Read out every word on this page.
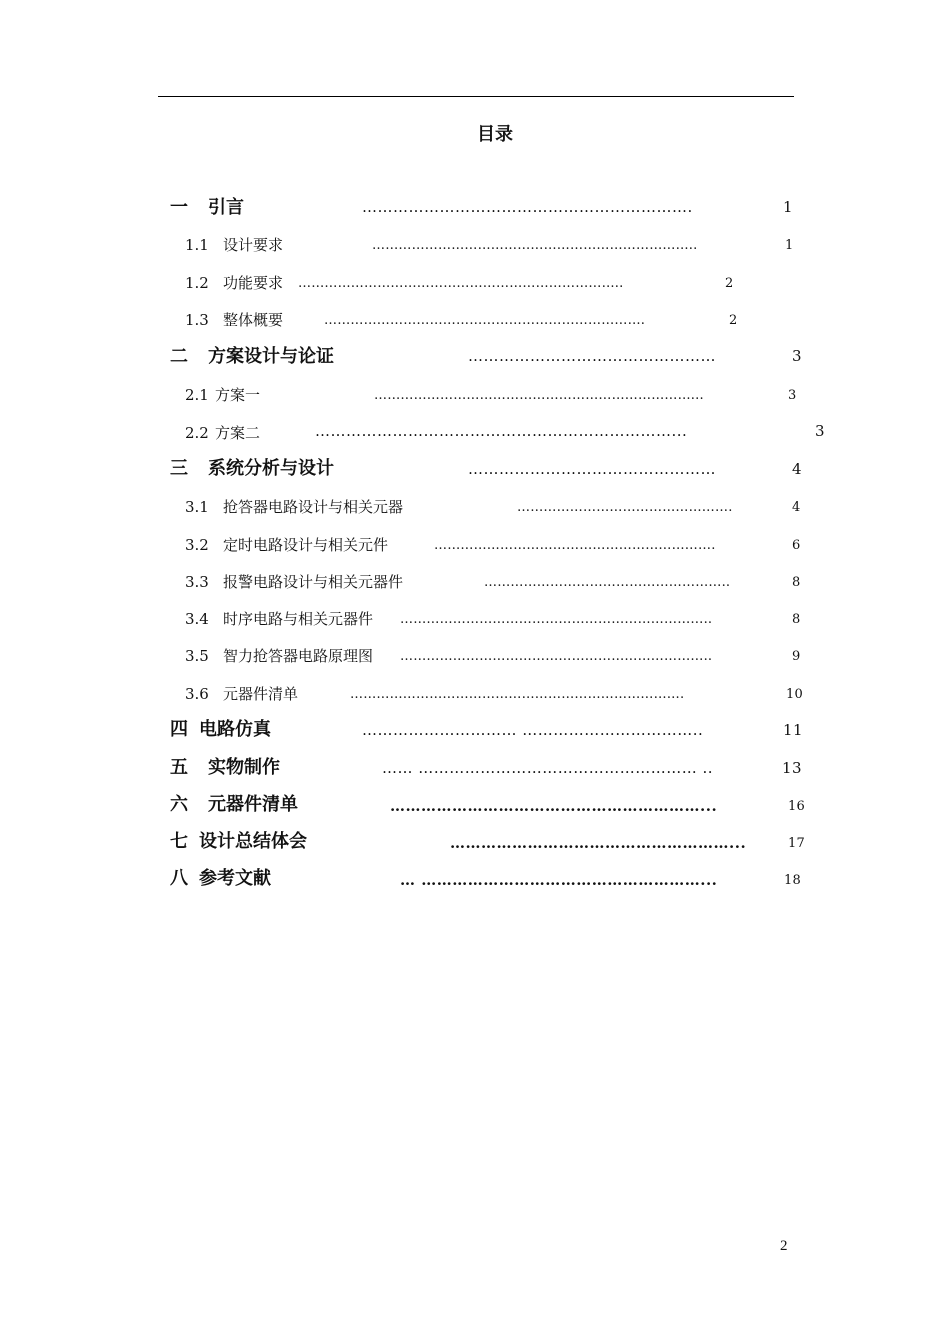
目录
一 引言	……………………………………………………….	1
1.1 设计要求	………………………………………………………………..	1
1.2 功能要求 ………………………………………………………………..	2
1.3 整体概要	……………………………………………………………….	2
二 方案设计与论证	…………………………………………	3
2.1 方案一	………………………………………………………………...	3
2.2 方案二	……………………………………………………………...	3
三 系统分析与设计	…………………………………………	4
3.1 抢答器电路设计与相关元器	………………………………………….	4
3.2 定时电路设计与相关元件	……………………………………………………….	6
3.3 报警电路设计与相关元器件	………………………………………………..	8
3.4 时序电路与相关元器件 ……………………………………………………………..	8
3.5 智力抢答器电路原理图 ……………………………………………………………..	9
3.6 元器件清单	………………………………………………………………….	10
四 电路仿真	………………………… ……………………………..	11
五 实物制作	…… ……………………………………………… ..	13
六 元器件清单	……………………………………………………...	16
七 设计总结体会	………………………………………………...	17
八 参考文献	… ………………………………………………...	18
2
